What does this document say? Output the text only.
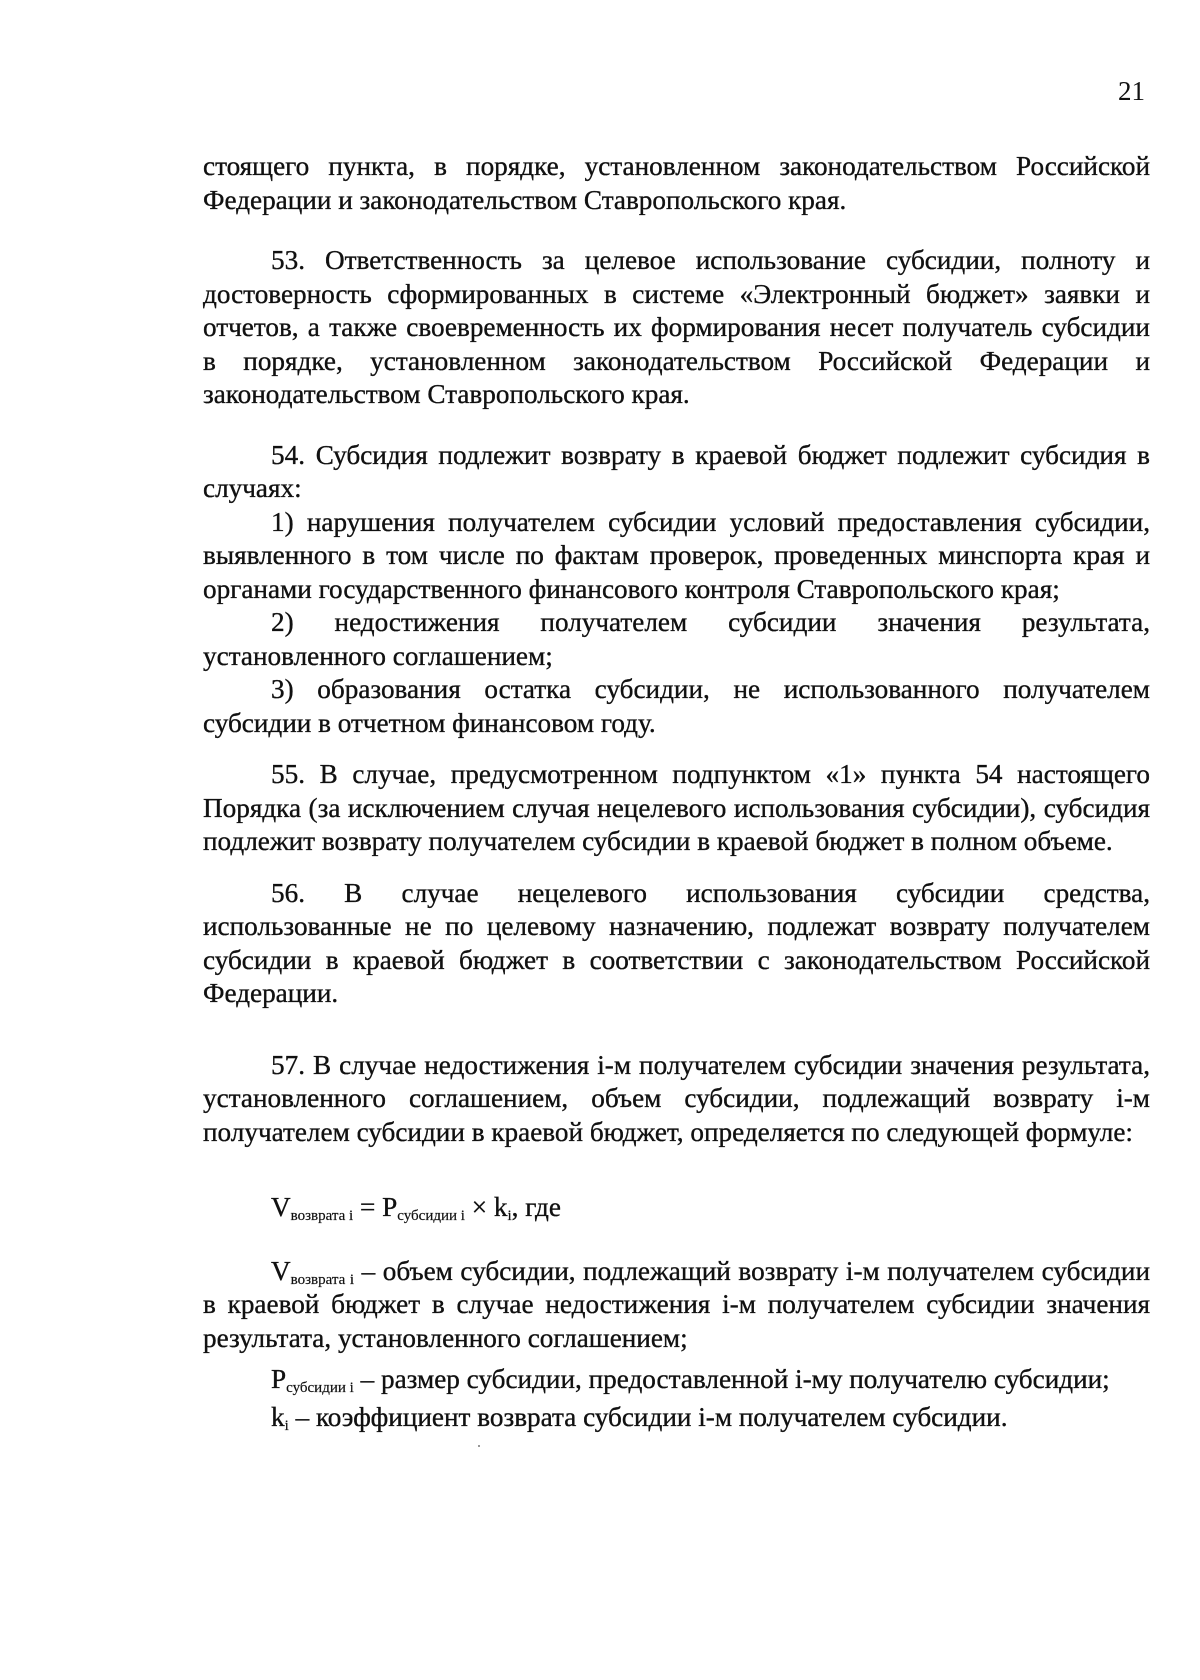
21

стоящего пункта, в порядке, установленном законодательством Российской Федерации и законодательством Ставропольского края.

53. Ответственность за целевое использование субсидии, полноту и достоверность сформированных в системе «Электронный бюджет» заявки и отчетов, а также своевременность их формирования несет получатель субсидии в порядке, установленном законодательством Российской Федерации и законодательством Ставропольского края.

54. Субсидия подлежит возврату в краевой бюджет подлежит субсидия в случаях:

1) нарушения получателем субсидии условий предоставления субсидии, выявленного в том числе по фактам проверок, проведенных минспорта края и органами государственного финансового контроля Ставропольского края;

2) недостижения получателем субсидии значения результата, установленного соглашением;

3) образования остатка субсидии, не использованного получателем субсидии в отчетном финансовом году.

55. В случае, предусмотренном подпунктом «1» пункта 54 настоящего Порядка (за исключением случая нецелевого использования субсидии), субсидия подлежит возврату получателем субсидии в краевой бюджет в полном объеме.

56. В случае нецелевого использования субсидии средства, использованные не по целевому назначению, подлежат возврату получателем субсидии в краевой бюджет в соответствии с законодательством Российской Федерации.

57. В случае недостижения i-м получателем субсидии значения результата, установленного соглашением, объем субсидии, подлежащий возврату i-м получателем субсидии в краевой бюджет, определяется по следующей формуле:

$V_{возврата i} = P_{субсидии i} \times k_i$, где

$V_{возврата i}$ – объем субсидии, подлежащий возврату i-м получателем субсидии в краевой бюджет в случае недостижения i-м получателем субсидии значения результата, установленного соглашением;

$P_{субсидии i}$ – размер субсидии, предоставленной i-му получателю субсидии;

$k_i$ – коэффициент возврата субсидии i-м получателем субсидии.
